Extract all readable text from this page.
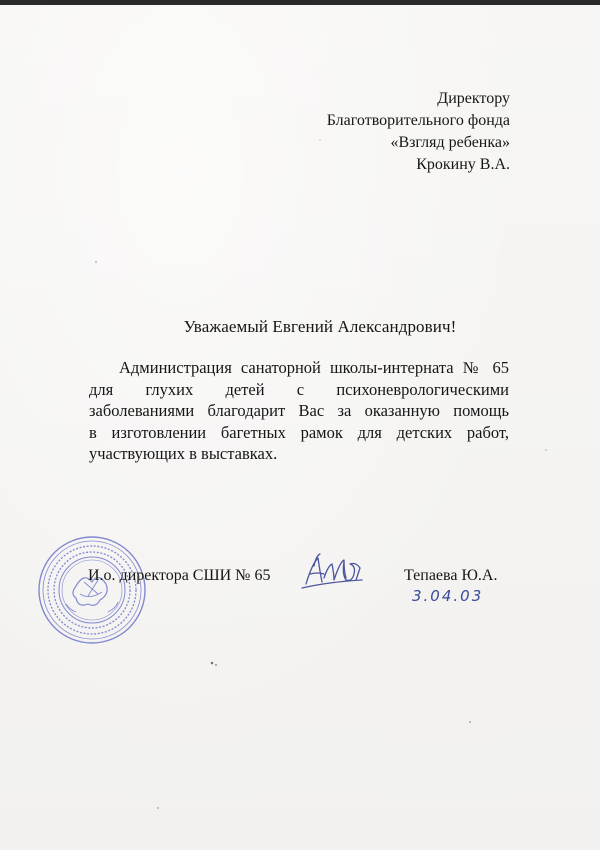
Директору
Благотворительного фонда
«Взгляд ребенка»
Крокину В.А.
Уважаемый Евгений Александрович!
Администрация санаторной школы-интерната № 65
для глухих детей с психоневрологическими
заболеваниями благодарит Вас за оказанную помощь
в изготовлении багетных рамок для детских работ,
участвующих в выставках.
И.о. директора СШИ № 65	Тепаева Ю.А.
3.04.03
